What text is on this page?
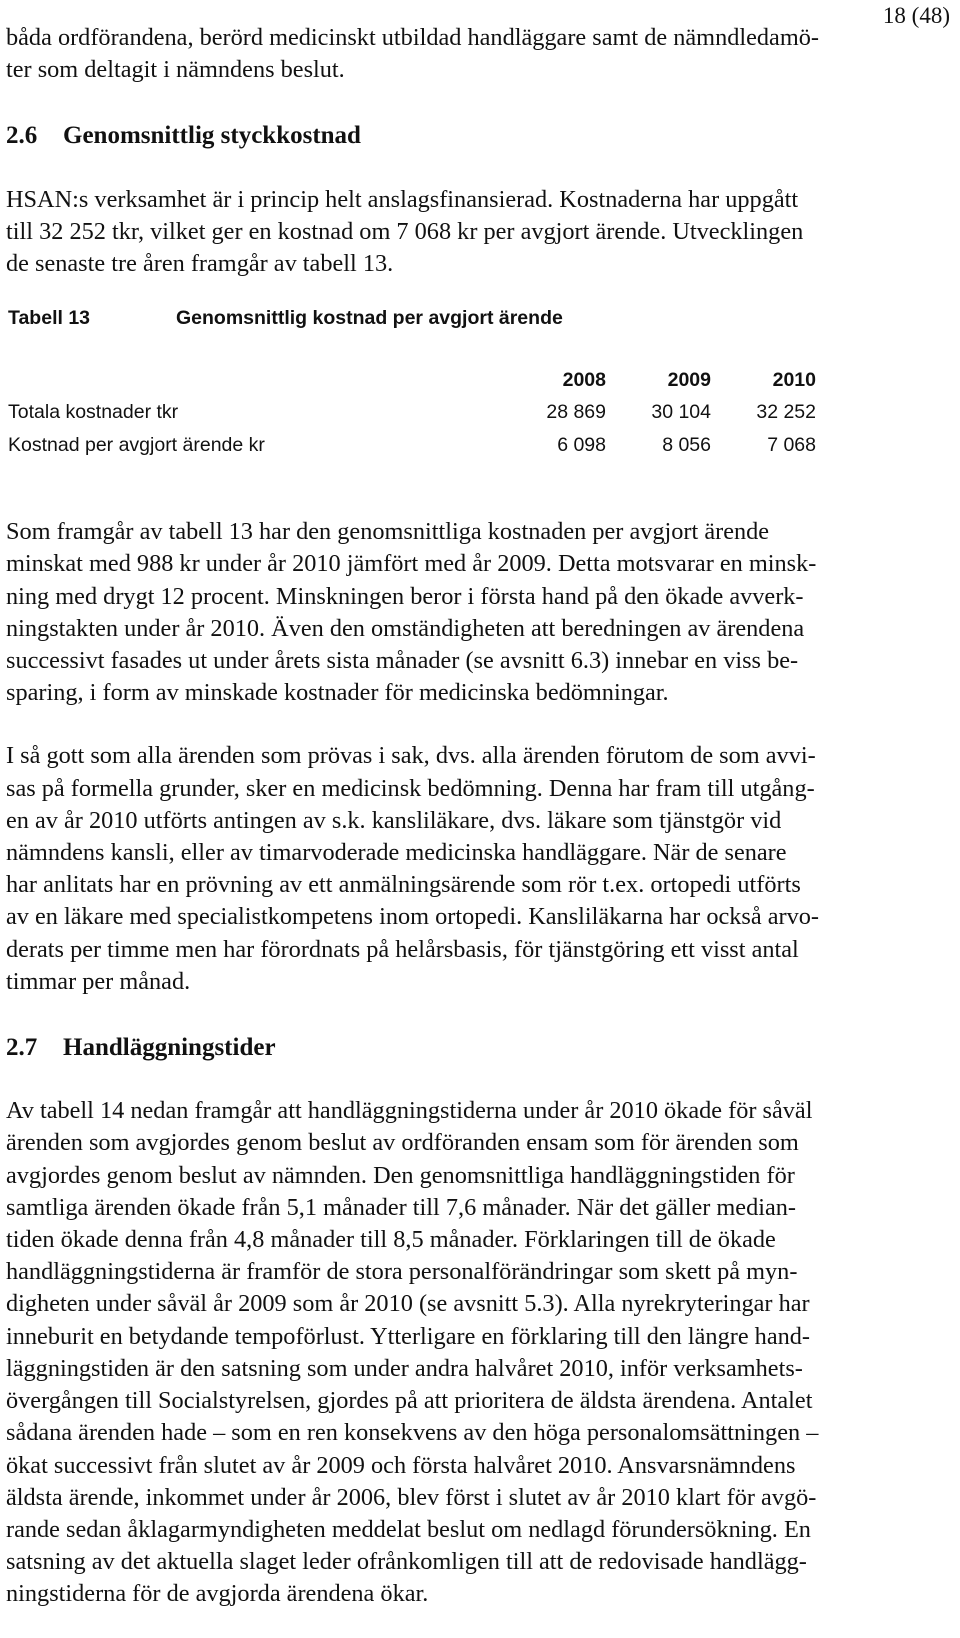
18 (48)

båda ordförandena, berörd medicinskt utbildad handläggare samt de nämndledamö-
ter som deltagit i nämndens beslut.

2.6	Genomsnittlig styckkostnad

HSAN:s verksamhet är i princip helt anslagsfinansierad. Kostnaderna har uppgått
till 32 252 tkr, vilket ger en kostnad om 7 068 kr per avgjort ärende. Utvecklingen
de senaste tre åren framgår av tabell 13.

Tabell 13	Genomsnittlig kostnad per avgjort ärende
	2008	2009	2010
Totala kostnader tkr	28 869	30 104	32 252
Kostnad per avgjort ärende kr	6 098	8 056	7 068

Som framgår av tabell 13 har den genomsnittliga kostnaden per avgjort ärende
minskat med 988 kr under år 2010 jämfört med år 2009. Detta motsvarar en minsk-
ning med drygt 12 procent. Minskningen beror i första hand på den ökade avverk-
ningstakten under år 2010. Även den omständigheten att beredningen av ärendena
successivt fasades ut under årets sista månader (se avsnitt 6.3) innebar en viss be-
sparing, i form av minskade kostnader för medicinska bedömningar.

I så gott som alla ärenden som prövas i sak, dvs. alla ärenden förutom de som avvi-
sas på formella grunder, sker en medicinsk bedömning. Denna har fram till utgång-
en av år 2010 utförts antingen av s.k. kansliläkare, dvs. läkare som tjänstgör vid
nämndens kansli, eller av timarvoderade medicinska handläggare. När de senare
har anlitats har en prövning av ett anmälningsärende som rör t.ex. ortopedi utförts
av en läkare med specialistkompetens inom ortopedi. Kansliläkarna har också arvo-
derats per timme men har förordnats på helårsbasis, för tjänstgöring ett visst antal
timmar per månad.

2.7	Handläggningstider

Av tabell 14 nedan framgår att handläggningstiderna under år 2010 ökade för såväl
ärenden som avgjordes genom beslut av ordföranden ensam som för ärenden som
avgjordes genom beslut av nämnden. Den genomsnittliga handläggningstiden för
samtliga ärenden ökade från 5,1 månader till 7,6 månader. När det gäller median-
tiden ökade denna från 4,8 månader till 8,5 månader. Förklaringen till de ökade
handläggningstiderna är framför de stora personalförändringar som skett på myn-
digheten under såväl år 2009 som år 2010 (se avsnitt 5.3). Alla nyrekryteringar har
inneburit en betydande tempoförlust. Ytterligare en förklaring till den längre hand-
läggningstiden är den satsning som under andra halvåret 2010, inför verksamhets-
övergången till Socialstyrelsen, gjordes på att prioritera de äldsta ärendena. Antalet
sådana ärenden hade – som en ren konsekvens av den höga personalomsättningen –
ökat successivt från slutet av år 2009 och första halvåret 2010. Ansvarsnämndens
äldsta ärende, inkommet under år 2006, blev först i slutet av år 2010 klart för avgö-
rande sedan åklagarmyndigheten meddelat beslut om nedlagd förundersökning. En
satsning av det aktuella slaget leder ofrånkomligen till att de redovisade handlägg-
ningstiderna för de avgjorda ärendena ökar.
